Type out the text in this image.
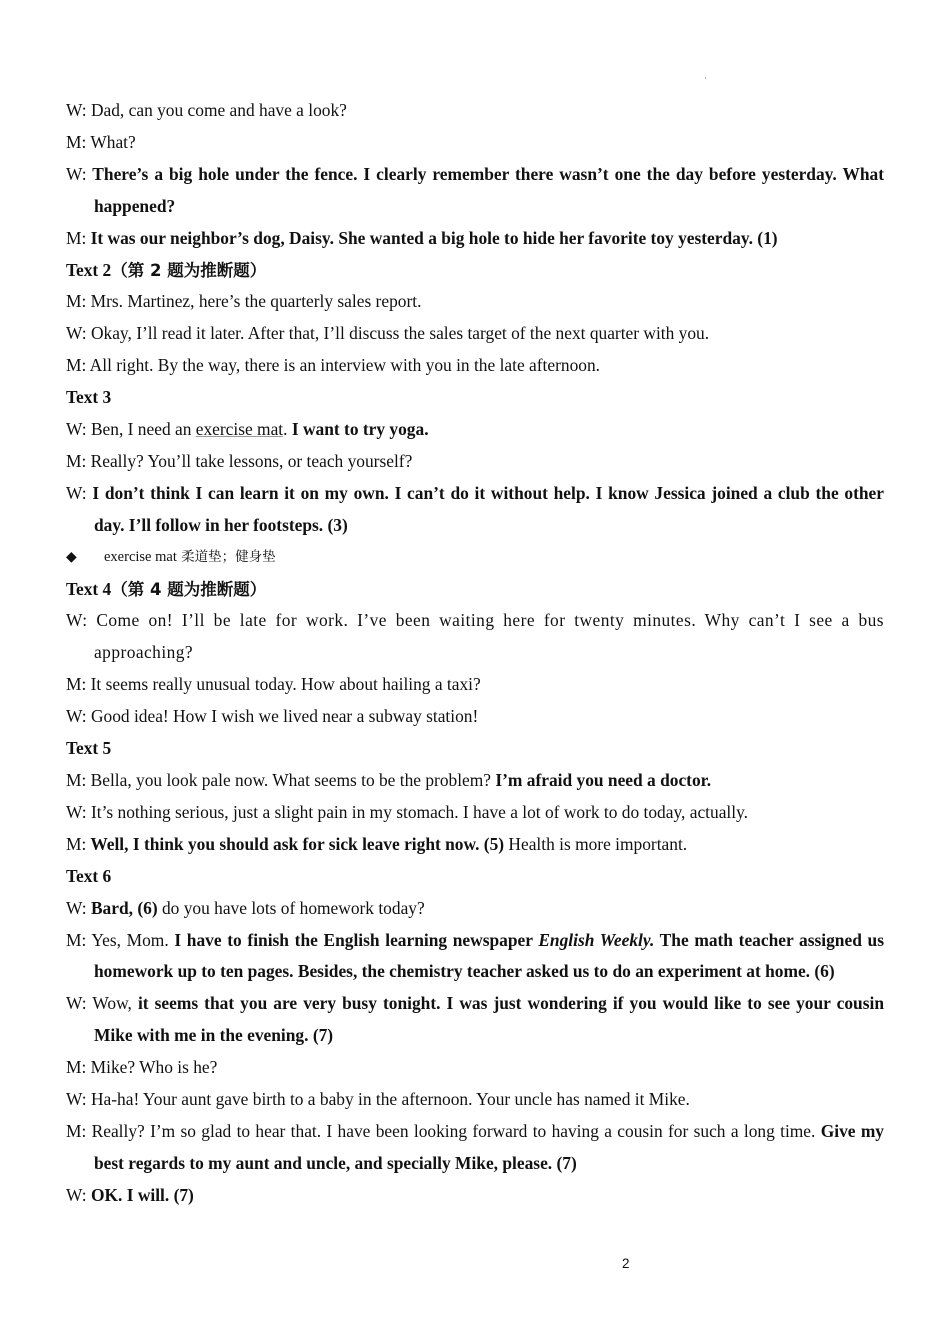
W: Dad, can you come and have a look?

M: What?

W: There’s a big hole under the fence. I clearly remember there wasn’t one the day before yesterday. What happened?

M: It was our neighbor’s dog, Daisy. She wanted a big hole to hide her favorite toy yesterday. (1)

Text 2（第 2 题为推断题）

M: Mrs. Martinez, here’s the quarterly sales report.

W: Okay, I’ll read it later. After that, I’ll discuss the sales target of the next quarter with you.

M: All right. By the way, there is an interview with you in the late afternoon.

Text 3

W: Ben, I need an exercise mat. I want to try yoga.

M: Really? You’ll take lessons, or teach yourself?

W: I don’t think I can learn it on my own. I can’t do it without help. I know Jessica joined a club the other day. I’ll follow in her footsteps. (3)

◆ exercise mat 柔道垫；健身垫

Text 4（第 4 题为推断题）

W: Come on! I’ll be late for work. I’ve been waiting here for twenty minutes. Why can’t I see a bus approaching?

M: It seems really unusual today. How about hailing a taxi?

W: Good idea! How I wish we lived near a subway station!

Text 5

M: Bella, you look pale now. What seems to be the problem? I’m afraid you need a doctor.

W: It’s nothing serious, just a slight pain in my stomach. I have a lot of work to do today, actually.

M: Well, I think you should ask for sick leave right now. (5) Health is more important.

Text 6

W: Bard, (6) do you have lots of homework today?

M: Yes, Mom. I have to finish the English learning newspaper English Weekly. The math teacher assigned us homework up to ten pages. Besides, the chemistry teacher asked us to do an experiment at home. (6)

W: Wow, it seems that you are very busy tonight. I was just wondering if you would like to see your cousin Mike with me in the evening. (7)

M: Mike? Who is he?

W: Ha-ha! Your aunt gave birth to a baby in the afternoon. Your uncle has named it Mike.

M: Really? I’m so glad to hear that. I have been looking forward to having a cousin for such a long time. Give my best regards to my aunt and uncle, and specially Mike, please. (7)

W: OK. I will. (7)

2
